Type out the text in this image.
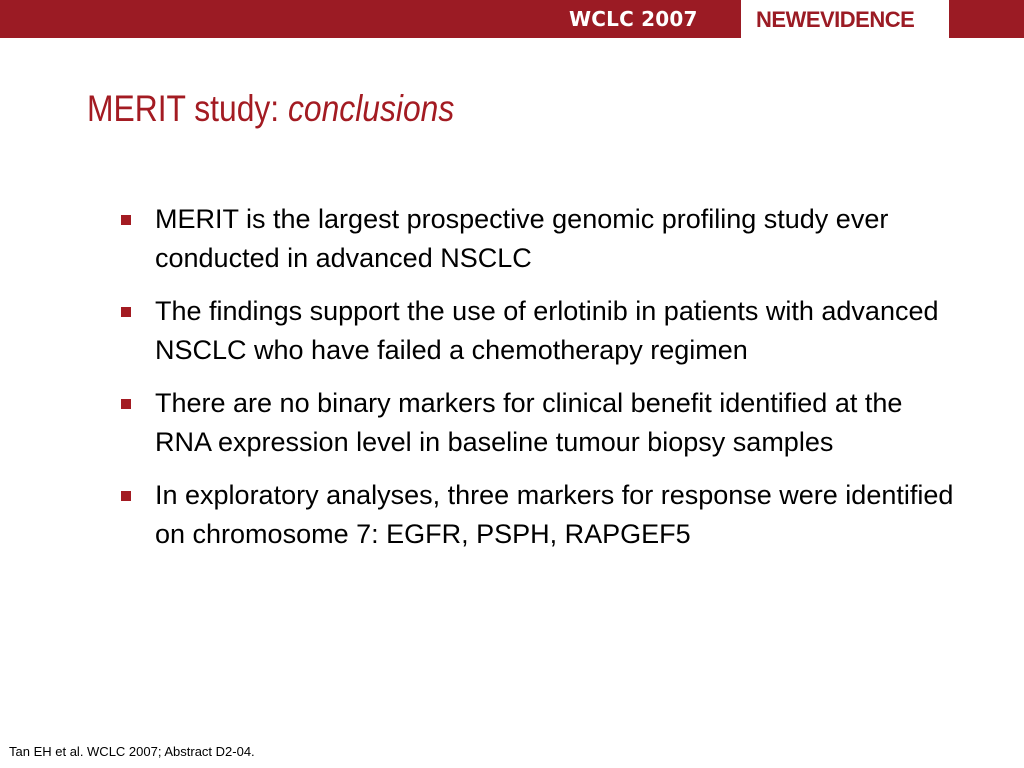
WCLC 2007	NEWEVIDENCE
MERIT study: conclusions
MERIT is the largest prospective genomic profiling study ever conducted in advanced NSCLC
The findings support the use of erlotinib in patients with advanced NSCLC who have failed a chemotherapy regimen
There are no binary markers for clinical benefit identified at the RNA expression level in baseline tumour biopsy samples
In exploratory analyses, three markers for response were identified on chromosome 7: EGFR, PSPH, RAPGEF5
Tan EH et al. WCLC 2007; Abstract D2-04.
